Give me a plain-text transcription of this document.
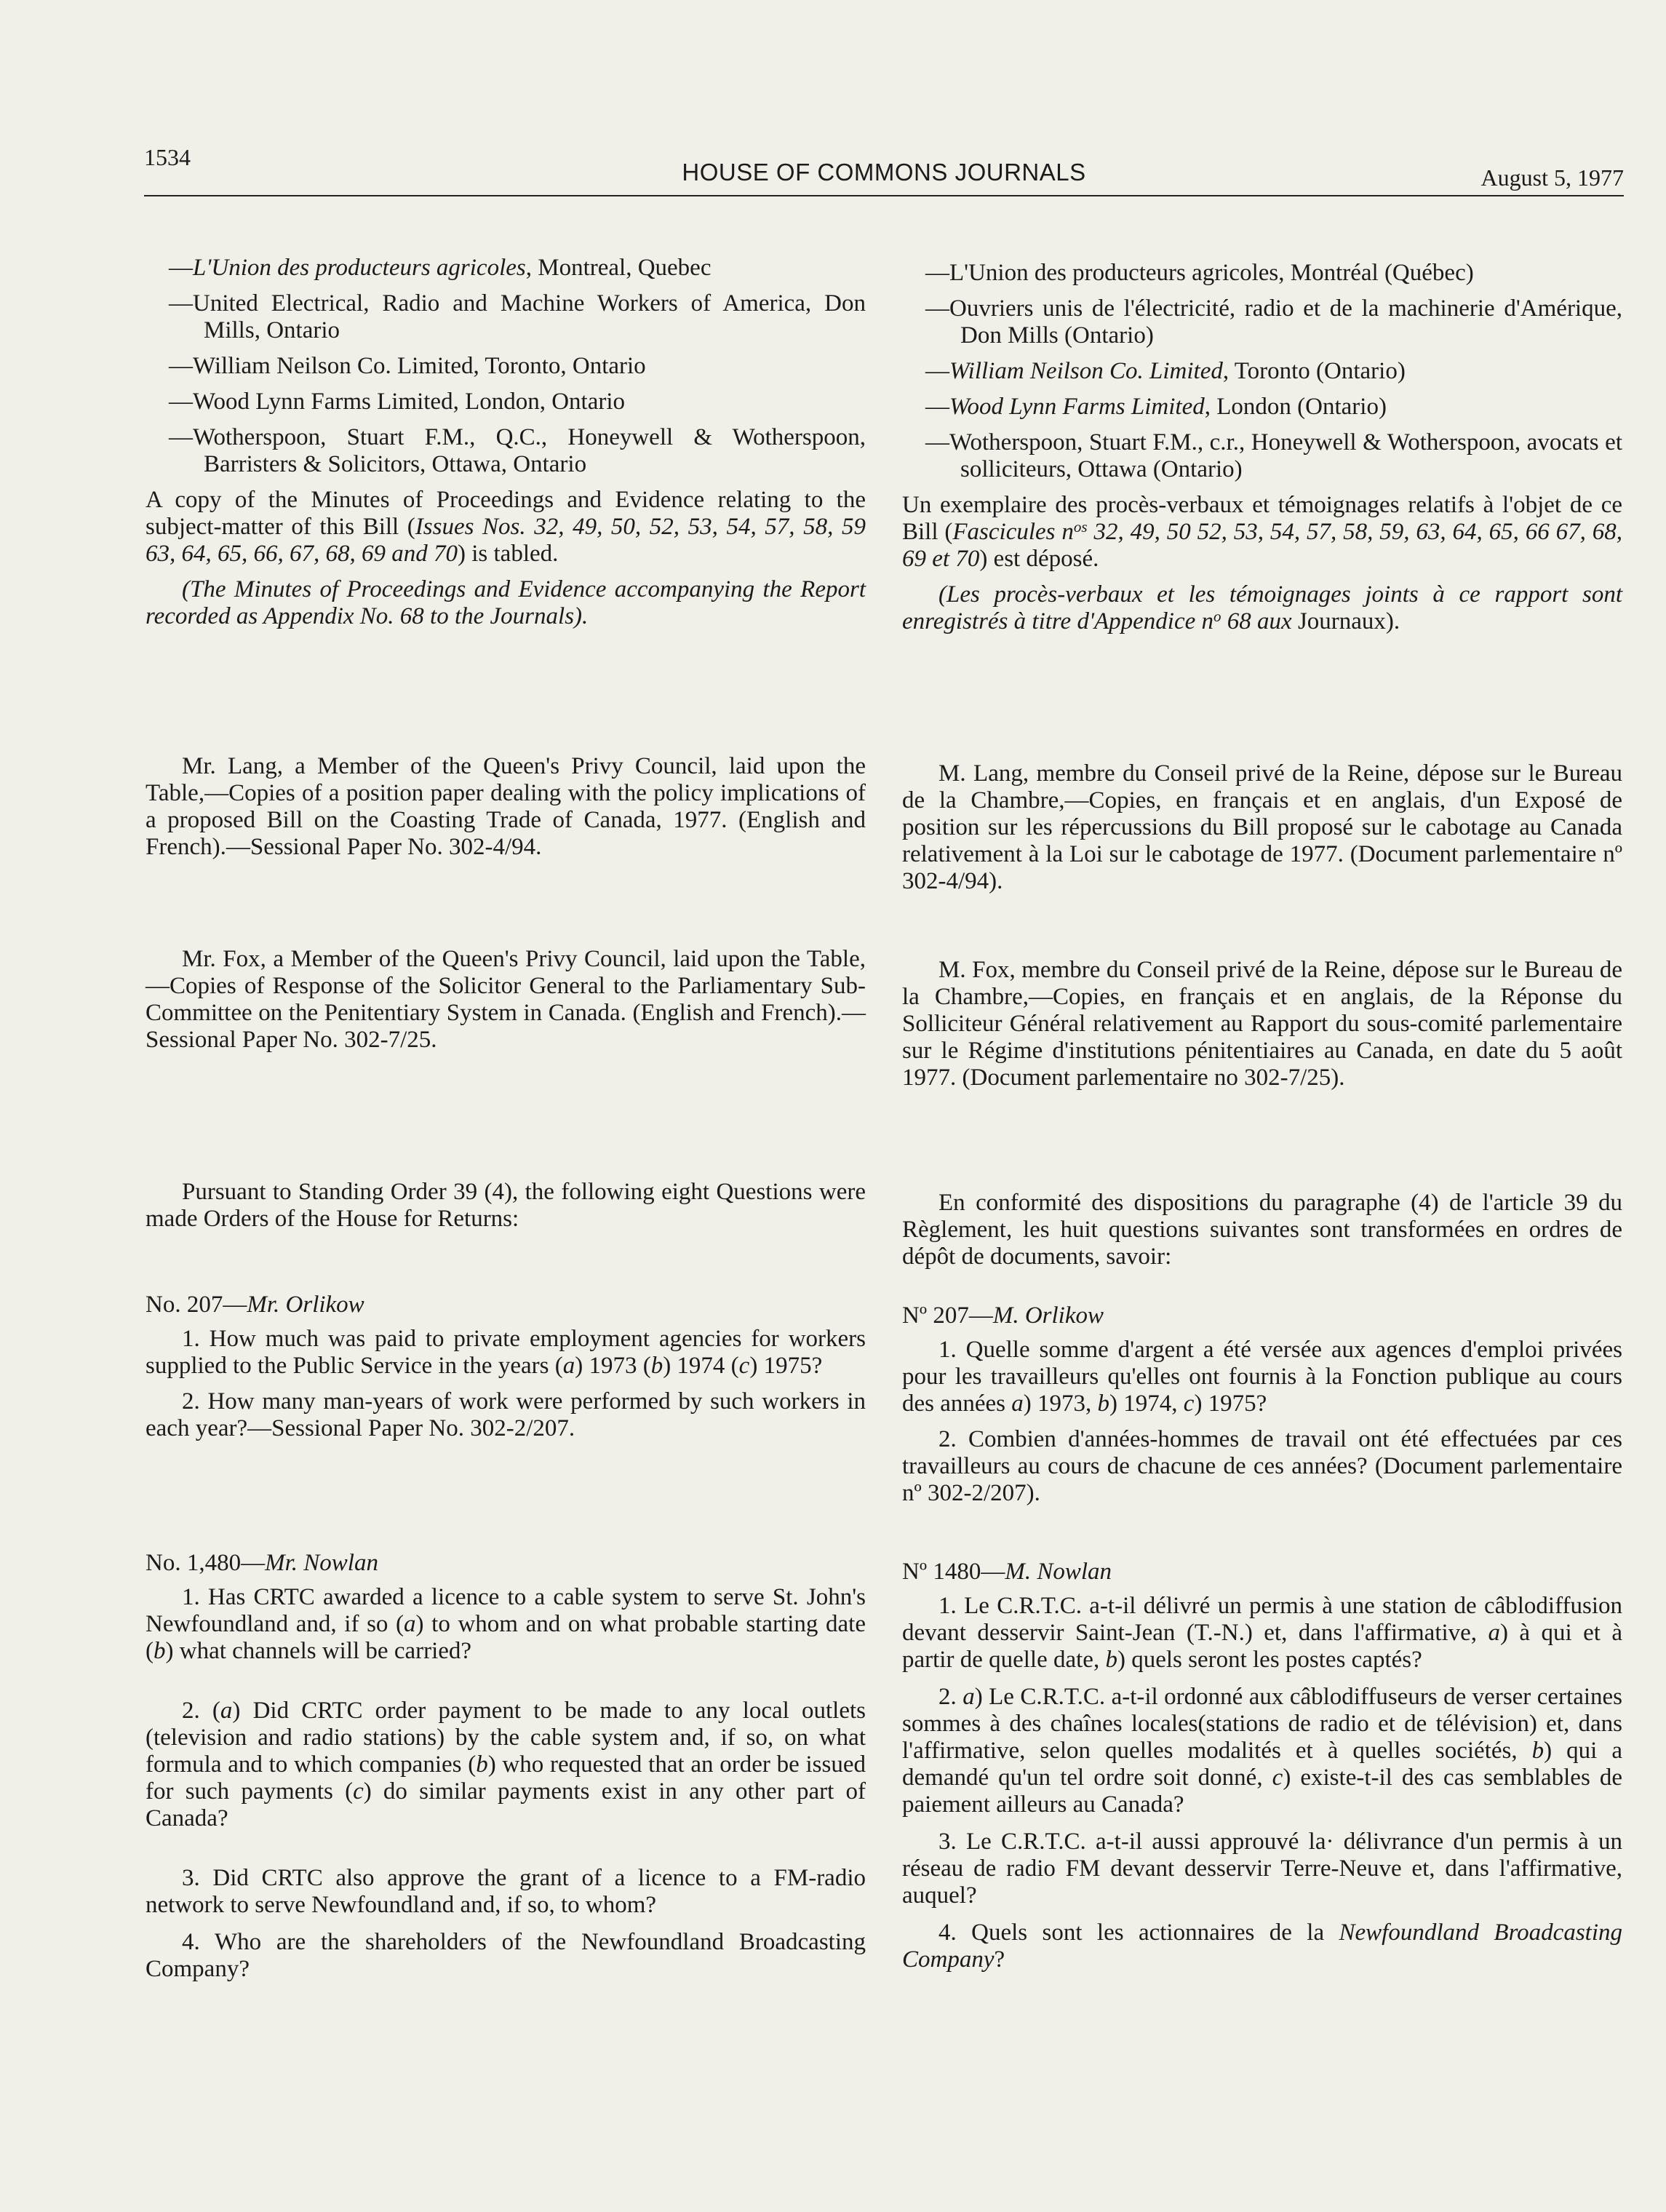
1534
HOUSE OF COMMONS JOURNALS	August 5, 1977

—L'Union des producteurs agricoles, Montreal, Quebec

—United Electrical, Radio and Machine Workers of America, Don Mills, Ontario

—William Neilson Co. Limited, Toronto, Ontario

—Wood Lynn Farms Limited, London, Ontario

—Wotherspoon, Stuart F.M., Q.C., Honeywell & Wotherspoon, Barristers & Solicitors, Ottawa, Ontario

A copy of the Minutes of Proceedings and Evidence relating to the subject-matter of this Bill (Issues Nos. 32, 49, 50, 52, 53, 54, 57, 58, 59 63, 64, 65, 66, 67, 68, 69 and 70) is tabled.

(The Minutes of Proceedings and Evidence accompanying the Report recorded as Appendix No. 68 to the Journals).

Mr. Lang, a Member of the Queen's Privy Council, laid upon the Table,—Copies of a position paper dealing with the policy implications of a proposed Bill on the Coasting Trade of Canada, 1977. (English and French).—Sessional Paper No. 302-4/94.

Mr. Fox, a Member of the Queen's Privy Council, laid upon the Table,—Copies of Response of the Solicitor General to the Parliamentary Sub-Committee on the Penitentiary System in Canada. (English and French).—Sessional Paper No. 302-7/25.

Pursuant to Standing Order 39 (4), the following eight Questions were made Orders of the House for Returns:

No. 207—Mr. Orlikow

1. How much was paid to private employment agencies for workers supplied to the Public Service in the years (a) 1973 (b) 1974 (c) 1975?

2. How many man-years of work were performed by such workers in each year?—Sessional Paper No. 302-2/207.

No. 1,480—Mr. Nowlan

1. Has CRTC awarded a licence to a cable system to serve St. John's Newfoundland and, if so (a) to whom and on what probable starting date (b) what channels will be carried?

2. (a) Did CRTC order payment to be made to any local outlets (television and radio stations) by the cable system and, if so, on what formula and to which companies (b) who requested that an order be issued for such payments (c) do similar payments exist in any other part of Canada?

3. Did CRTC also approve the grant of a licence to a FM-radio network to serve Newfoundland and, if so, to whom?

4. Who are the shareholders of the Newfoundland Broadcasting Company?

—L'Union des producteurs agricoles, Montréal (Québec)

—Ouvriers unis de l'électricité, radio et de la machinerie d'Amérique, Don Mills (Ontario)

—William Neilson Co. Limited, Toronto (Ontario)

—Wood Lynn Farms Limited, London (Ontario)

—Wotherspoon, Stuart F.M., c.r., Honeywell & Wotherspoon, avocats et solliciteurs, Ottawa (Ontario)

Un exemplaire des procès-verbaux et témoignages relatifs à l'objet de ce Bill (Fascicules $n^{os}$ 32, 49, 50 52, 53, 54, 57, 58, 59, 63, 64, 65, 66 67, 68, 69 et 70) est déposé.

(Les procès-verbaux et les témoignages joints à ce rapport sont enregistrés à titre d'Appendice $n^o$ 68 aux Journaux).

M. Lang, membre du Conseil privé de la Reine, dépose sur le Bureau de la Chambre,—Copies, en français et en anglais, d'un Exposé de position sur les répercussions du Bill proposé sur le cabotage au Canada relativement à la Loi sur le cabotage de 1977. (Document parlementaire nº 302-4/94).

M. Fox, membre du Conseil privé de la Reine, dépose sur le Bureau de la Chambre,—Copies, en français et en anglais, de la Réponse du Solliciteur Général relativement au Rapport du sous-comité parlementaire sur le Régime d'institutions pénitentiaires au Canada, en date du 5 août 1977. (Document parlementaire no 302-7/25).

En conformité des dispositions du paragraphe (4) de l'article 39 du Règlement, les huit questions suivantes sont transformées en ordres de dépôt de documents, savoir:

Nº 207—M. Orlikow

1. Quelle somme d'argent a été versée aux agences d'emploi privées pour les travailleurs qu'elles ont fournis à la Fonction publique au cours des années a) 1973, b) 1974, c) 1975?

2. Combien d'années-hommes de travail ont été effectuées par ces travailleurs au cours de chacune de ces années? (Document parlementaire nº 302-2/207).

Nº 1480—M. Nowlan

1. Le C.R.T.C. a-t-il délivré un permis à une station de câblodiffusion devant desservir Saint-Jean (T.-N.) et, dans l'affirmative, a) à qui et à partir de quelle date, b) quels seront les postes captés?

2. a) Le C.R.T.C. a-t-il ordonné aux câblodiffuseurs de verser certaines sommes à des chaînes locales(stations de radio et de télévision) et, dans l'affirmative, selon quelles modalités et à quelles sociétés, b) qui a demandé qu'un tel ordre soit donné, c) existe-t-il des cas semblables de paiement ailleurs au Canada?

3. Le C.R.T.C. a-t-il aussi approuvé la· délivrance d'un permis à un réseau de radio FM devant desservir Terre-Neuve et, dans l'affirmative, auquel?

4. Quels sont les actionnaires de la Newfoundland Broadcasting Company?
